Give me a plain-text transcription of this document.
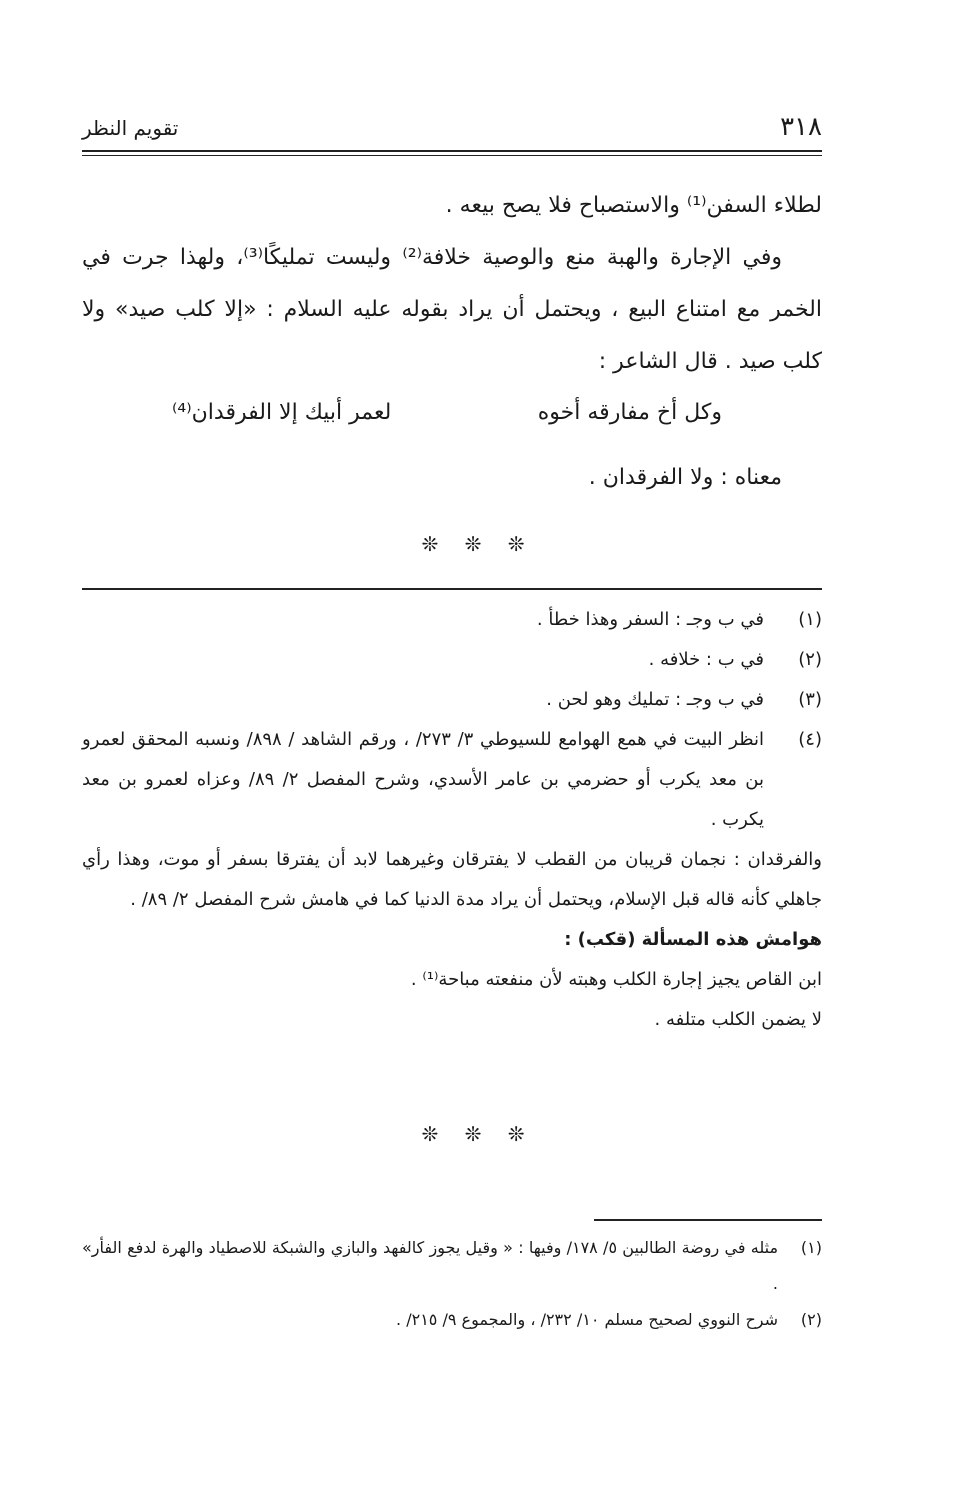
٣١٨
تقويم النظر

لطلاء السفن⁽¹⁾ والاستصباح فلا يصح بيعه .

وفي الإجارة والهبة منع والوصية خلافة⁽²⁾ وليست تمليكًا⁽³⁾، ولهذا جرت في الخمر مع امتناع البيع ، ويحتمل أن يراد بقوله عليه السلام : «إلا كلب صيد» ولا كلب صيد . قال الشاعر :

وكل أخ مفارقه أخوه
لعمر أبيك إلا الفرقدان⁽⁴⁾
معناه : ولا الفرقدان .
❊ ❊ ❊
(١)
في ب وجـ : السفر وهذا خطأ .
(٢)
في ب : خلافه .
(٣)
في ب وجـ : تمليك وهو لحن .
(٤)
انظر البيت في همع الهوامع للسيوطي ٣/ ٢٧٣/ ، ورقم الشاهد / ٨٩٨/ ونسبه المحقق لعمرو بن معد يكرب أو حضرمي بن عامر الأسدي، وشرح المفصل ٢/ ٨٩/ وعزاه لعمرو بن معد يكرب .
والفرقدان : نجمان قريبان من القطب لا يفترقان وغيرهما لابد أن يفترقا بسفر أو موت، وهذا رأي جاهلي كأنه قاله قبل الإسلام، ويحتمل أن يراد مدة الدنيا كما في هامش شرح المفصل ٢/ ٨٩/ .
هوامش هذه المسألة (قكب) :
ابن القاص يجيز إجارة الكلب وهبته لأن منفعته مباحة⁽¹⁾ .
لا يضمن الكلب متلفه .
❊ ❊ ❊
(١)
مثله في روضة الطالبين ٥/ ١٧٨/ وفيها : « وقيل يجوز كالفهد والبازي والشبكة للاصطياد والهرة لدفع الفأر» .
(٢)
شرح النووي لصحيح مسلم ١٠/ ٢٣٢/ ، والمجموع ٩/ ٢١٥/ .
